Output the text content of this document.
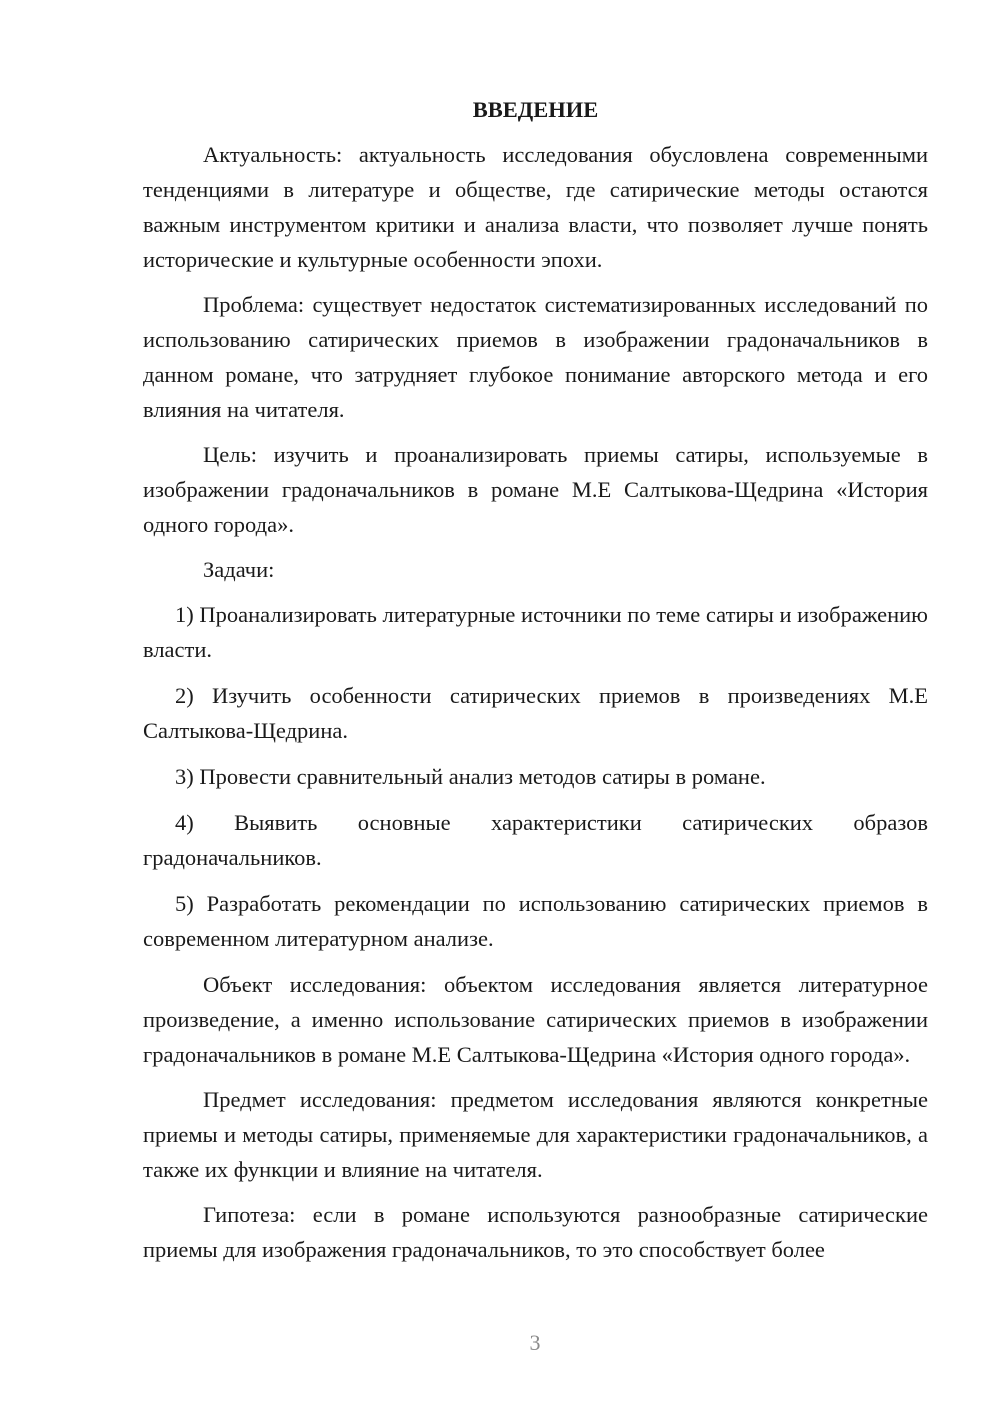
ВВЕДЕНИЕ

Актуальность: актуальность исследования обусловлена современными тенденциями в литературе и обществе, где сатирические методы остаются важным инструментом критики и анализа власти, что позволяет лучше понять исторические и культурные особенности эпохи.

Проблема: существует недостаток систематизированных исследований по использованию сатирических приемов в изображении градоначальников в данном романе, что затрудняет глубокое понимание авторского метода и его влияния на читателя.

Цель: изучить и проанализировать приемы сатиры, используемые в изображении градоначальников в романе М.Е Салтыкова-Щедрина «История одного города».

Задачи:

1) Проанализировать литературные источники по теме сатиры и изображению власти.

2) Изучить особенности сатирических приемов в произведениях М.Е Салтыкова-Щедрина.

3) Провести сравнительный анализ методов сатиры в романе.

4) Выявить основные характеристики сатирических образов градоначальников.

5) Разработать рекомендации по использованию сатирических приемов в современном литературном анализе.

Объект исследования: объектом исследования является литературное произведение, а именно использование сатирических приемов в изображении градоначальников в романе М.Е Салтыкова-Щедрина «История одного города».

Предмет исследования: предметом исследования являются конкретные приемы и методы сатиры, применяемые для характеристики градоначальников, а также их функции и влияние на читателя.

Гипотеза: если в романе используются разнообразные сатирические приемы для изображения градоначальников, то это способствует более

3
